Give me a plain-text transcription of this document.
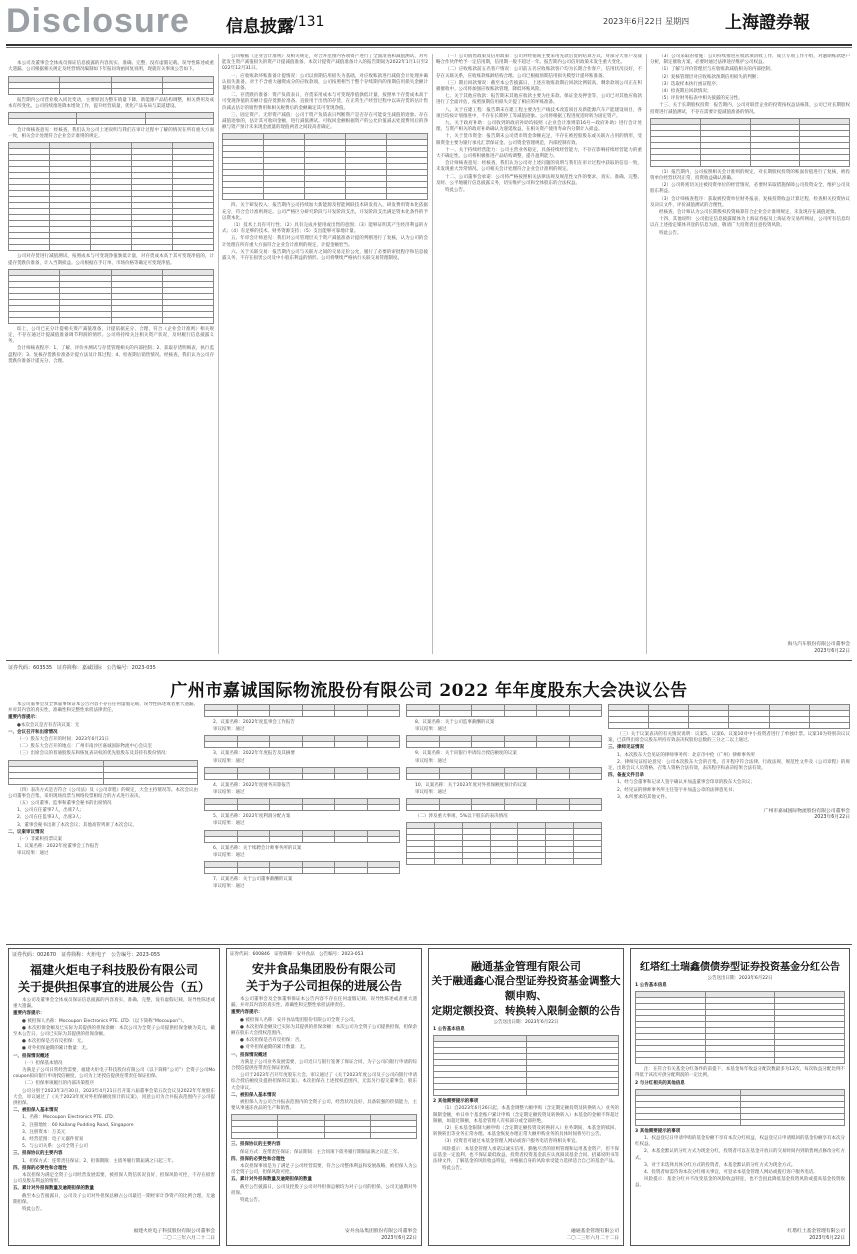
Disclosure 信息披露 /131	2023年6月22日 星期四 上海證券報

本公司及董事会全体成员保证信息披露的内容真实、准确、完整，没有虚假记载、误导性陈述或重大遗漏。公司根据相关规定及经营情况编制如下年报问询函回复说明，现就有关事项公告如下。

报告期内公司营业收入同比变动，主要原因为整车销量下降，新能源产品结构调整，相关费用及成本有所变化。公司持续推进降本增效工作，提升经营质量，优化产品布局与渠道建设。

会计师核查意见：经核查，我们认为公司上述说明与我们在审计过程中了解的情况在所有重大方面一致，相关会计处理符合企业会计准则的规定。

公司对存货进行减值测试，按照成本与可变现净值孰低计量，对存货成本高于其可变现净值的，计提存货跌价准备，计入当期损益。公司根据在手订单、市场价格等确定可变现净值。

综上，公司已充分计提相关资产减值准备，计提依据充分、合理，符合《企业会计准则》相关规定，不存在通过计提减值准备调节利润的情形。公司将持续关注相关资产状况，及时履行信息披露义务。

会计师核查程序：1、了解、评价并测试与存货管理相关的内部控制；2、获取存货明细表，执行监盘程序；3、复核存货跌价准备计提方法及计算过程；4、检查期后销售情况。经核查，我们认为公司存货跌价准备计提充分、合理。

公司根据《企业会计准则》及相关规定，对合并范围内各项资产进行了全面清查和减值测试，对可能发生资产减值损失的资产计提减值准备。本次计提资产减值准备计入的报告期间为2022年1月1日至2022年12月31日。

一、应收账款坏账准备计提情况：公司以预期信用损失为基础，对应收账款进行减值会计处理并确认损失准备。对于不含重大融资成分的应收款项，公司按照相当于整个存续期内的预期信用损失金额计量损失准备。

二、存货跌价准备：资产负债表日，存货采用成本与可变现净值孰低计量，按照单个存货成本高于可变现净值的差额计提存货跌价准备。直接用于出售的存货，在正常生产经营过程中以该存货的估计售价减去估计的销售费用和相关税费后的金额确定其可变现净值。

三、固定资产、无形资产减值：公司于资产负债表日判断资产是否存在可能发生减值的迹象。存在减值迹象的，估计其可收回金额，进行减值测试。可收回金额根据资产的公允价值减去处置费用后的净额与资产预计未来现金流量的现值两者之间较高者确定。

四、关于研发投入：报告期内公司持续加大新能源及智能网联技术研发投入，研发费用资本化依据充分，符合会计准则规定。公司严格区分研究阶段与开发阶段支出，开发阶段支出满足资本化条件的予以资本化。

（1）技术上具有可行性；（2）具有完成并使用或出售的意图；（3）能够证明其产生经济利益的方式；（4）有足够的技术、财务资源支持；（5）支出能够可靠地计量。

五、年审会计师意见：我们对公司管理层关于资产减值准备计提的判断进行了复核，认为公司的会计处理在所有重大方面符合企业会计准则的规定，计提金额恰当。

六、关于关联交易：报告期内公司与关联方之间的交易定价公允，履行了必要的审批程序和信息披露义务，不存在损害公司及中小股东利益的情形。公司将继续严格执行关联交易管理制度。

（一）公司销售政策及信用政策：公司对经销商主要采用先款后货的结算方式，对部分大客户及战略合作伙伴给予一定信用期，信用期一般不超过一年。报告期内公司信用政策未发生重大变化。

（二）应收账款前五名客户情况：公司前五名应收账款客户均为长期合作客户，信用状况良好，不存在关联关系，应收账款账龄结构合理。公司已根据预期信用损失模型计提坏账准备。

（三）期后回款情况：截至本公告披露日，上述应收账款期后回款比例较高，剩余款项公司正在积极催收中。公司将加强应收账款管理，降低坏账风险。

七、关于其他应收款：报告期末其他应收款主要为往来款、保证金及押金等，公司已对其他应收款进行了全面评估，按照预期信用损失计提了相应的坏账准备。

八、关于在建工程：报告期末在建工程主要为生产线技术改造项目及新能源汽车产能建设项目，各项目均按计划推进中，不存在长期停工等减值迹象。公司将根据工程进度适时转为固定资产。

九、关于政府补助：公司收到的政府补助均按照《企业会计准则第16号—政府补助》进行会计处理，与资产相关的政府补助确认为递延收益，在相关资产使用寿命内分期计入损益。

十、关于货币资金：报告期末公司货币资金余额充足，不存在被控股股东或关联方占用的情形，受限资金主要为银行承兑汇票保证金。公司资金管理规范，内部控制有效。

十一、关于持续经营能力：公司主营业务稳定，具备持续经营能力，不存在影响持续经营能力的重大不确定性。公司将积极推进产品结构调整，提升盈利能力。

会计师核查意见：经核查，我们认为公司对上述问题的说明与我们在审计过程中获取的信息一致，未发现重大异常情况。公司相关会计处理符合企业会计准则的规定。

十二、公司董事会承诺：公司将严格按照相关法律法规及规范性文件的要求，真实、准确、完整、及时、公平地履行信息披露义务，切实维护公司和全体股东的合法权益。

特此公告。

（3）公司采取的措施：公司持续推进应收款项清收工作，成立专项工作小组，对逾期账款逐户分析，制定催收方案，必要时通过法律途径维护公司权益。

（1）了解与评价管理层与应收账款减值相关的内部控制；

（2）复核管理层对应收账款预期信用损失的判断；

（3）选取样本执行函证程序；

（4）检查期后回款情况；

（5）评价财务报表中相关披露的充分性。

十三、关于长期股权投资：报告期内，公司对联营企业的投资按权益法核算，公司已对长期股权投资进行减值测试，不存在需要计提减值准备的情况。

（1）报告期内，公司按照相关会计准则的规定，对长期股权投资的账面价值进行了复核，被投资单位经营状况正常，投资收益确认准确。

（2）公司将密切关注被投资单位的经营情况，必要时采取措施保障公司投资安全，维护公司及股东利益。

（3）会计师核查程序：获取被投资单位财务报表，复核投资收益计算过程，检查相关投资协议及决议文件，评价减值测试的合理性。

经核查，会计师认为公司长期股权投资核算符合企业会计准则规定，未发现存在减值迹象。

十四、其他说明：公司指定信息披露媒体为上海证券报及上海证券交易所网站，公司所有信息均以在上述指定媒体刊登的信息为准，敬请广大投资者注意投资风险。

特此公告。

海马汽车股份有限公司董事会
2023年6月22日
证券代码：603535 证券简称：嘉诚国际 公告编号：2023-035
广州市嘉诚国际物流股份有限公司 2022 年年度股东大会决议公告

本公司董事会及全体董事保证本公告内容不存在任何虚假记载、误导性陈述或者重大遗漏，并对其内容的真实性、准确性和完整性承担法律责任。

重要内容提示：

●本次会议是否有否决议案：无

一、会议召开和出席情况

（一）股东大会召开的时间：2023年6月21日

（二）股东大会召开的地点：广州市南沙区嘉诚国际物流中心会议室

（三）出席会议的普通股股东和恢复表决权的优先股股东及其持有股份情况：

（四）表决方式是否符合《公司法》及《公司章程》的规定，大会主持情况等。本次会议由公司董事会召集，采用现场投票与网络投票相结合的方式进行表决。

（五）公司董事、监事和董事会秘书的出席情况

1、公司在任董事7人，出席7人；

2、公司在任监事3人，出席3人；

3、董事会秘书出席了本次会议；其他高管列席了本次会议。

二、议案审议情况

（一）非累积投票议案

1、议案名称：2022年度董事会工作报告

审议结果：通过

2、议案名称：2022年度监事会工作报告

审议结果：通过

3、议案名称：2022年年度报告及其摘要

审议结果：通过

4、议案名称：2022年度财务决算报告

审议结果：通过

5、议案名称：2022年度利润分配方案

审议结果：通过

6、议案名称：关于续聘会计师事务所的议案

审议结果：通过

7、议案名称：关于公司董事薪酬的议案

审议结果：通过

8、议案名称：关于公司监事薪酬的议案

审议结果：通过

9、议案名称：关于向银行申请综合授信额度的议案

审议结果：通过

10、议案名称：关于2023年度对外担保额度预计的议案

审议结果：通过

（二）涉及重大事项，5%以下股东的表决情况

（三）关于议案表决的有关情况说明：议案5、议案6、议案10对中小投资者进行了单独计票。议案10为特别决议议案，已获得出席会议股东所持有效表决权股份总数的三分之二以上通过。

三、律师见证情况

1、本次股东大会见证的律师事务所：北京市中伦（广州）律师事务所

2、律师见证结论意见：公司本次股东大会的召集、召开程序符合法律、行政法规、规范性文件及《公司章程》的规定，出席会议人员资格、召集人资格合法有效，表决程序和表决结果合法有效。

四、备查文件目录

1、经与会董事和记录人签字确认并加盖董事会印章的股东大会决议；

2、经见证的律师事务所主任签字并加盖公章的法律意见书；

3、本所要求的其他文件。

广州市嘉诚国际物流股份有限公司董事会
2023年6月22日
证券代码：002670　证券简称：火炬电子　公告编号：2023-055
福建火炬电子科技股份有限公司
关于提供担保事宜的进展公告（五）

本公司及董事会全体成员保证信息披露的内容真实、准确、完整，没有虚假记载、误导性陈述或重大遗漏。

重要内容提示：

● 被担保人名称：Mocoupon Electronics PTE. LTD.（以下简称“Mocoupon”）。

● 本次担保金额及已实际为其提供的担保余额：本次公司为全资子公司提供担保金额为美元，截至本公告日，公司已实际为其提供的担保余额。

● 本次担保是否有反担保：无。

● 对外担保逾期的累计数量：无。

一、担保情况概述

（一）担保基本情况

为满足子公司日常经营需要，福建火炬电子科技股份有限公司（以下简称“公司”）全资子公司Mocoupon拟向银行申请授信额度，公司为上述授信提供连带责任保证担保。

（二）担保事项履行的内部决策程序

公司分别于2023年3月30日、2023年4月21日召开第六届董事会第五次会议及2022年年度股东大会，审议通过了《关于2023年度对外担保额度预计的议案》，同意公司为合并报表范围内子公司提供担保。

二、被担保人基本情况

1、名称：Mocoupon Electronics PTE. LTD.

2、注册地址：60 Kallang Pudding Road, Singapore

3、注册资本：万美元

4、经营范围：电子元器件贸易

5、与公司关系：公司全资子公司

三、担保协议的主要内容

1、担保方式：连带责任保证；2、担保期限：主债务履行期届满之日起三年。

四、担保的必要性和合理性

本次担保为满足全资子公司经营发展需要，被担保人资信状况良好，担保风险可控，不存在损害公司及股东利益的情形。

五、累计对外担保数量及逾期担保的数量

截至本公告披露日，公司及子公司对外担保总额占公司最近一期经审计净资产的比例合理，无逾期担保。

特此公告。

福建火炬电子科技股份有限公司董事会
二〇二三年六月二十二日
证券代码：600846　证券简称：安井食品　公告编号：2023-053
安井食品集团股份有限公司
关于为子公司担保的进展公告

本公司董事会及全体董事保证本公告内容不存在任何虚假记载、误导性陈述或者重大遗漏，并对其内容的真实性、准确性和完整性承担法律责任。

重要内容提示：

● 被担保人名称：安井食品集团股份有限公司全资子公司。

● 本次担保金额及已实际为其提供的担保余额：本次公司为全资子公司提供担保，担保余额在股东大会授权范围内。

● 本次担保是否有反担保：否。

● 对外担保逾期的累计数量：无。

一、担保情况概述

为满足子公司业务发展需要，公司近日与银行签署了保证合同，为子公司向银行申请的综合授信提供连带责任保证担保。

公司于2023年召开年度股东大会，审议通过了《关于2023年度公司及子公司向银行申请综合授信额度及提供担保的议案》。本次担保在上述授权范围内，无需另行提交董事会、股东大会审议。

二、被担保人基本情况

被担保人为公司合并报表范围内的全资子公司，经营状况良好，具备较强的偿债能力，主要从事速冻食品的生产和销售。

三、担保协议的主要内容

保证方式：连带责任保证；保证期间：主合同项下债务履行期限届满之日起三年。

四、担保的必要性和合理性

本次担保事项是为了满足子公司经营需要，符合公司整体利益和发展战略，被担保人为公司全资子公司，担保风险可控。

五、累计对外担保数量及逾期担保的数量

截至公告披露日，公司及控股子公司对外担保总额均为对子公司的担保，公司无逾期对外担保。

特此公告。

安井食品集团股份有限公司董事会
2023年6月22日
融通基金管理有限公司
关于融通鑫心混合型证券投资基金调整大额申购、
定期定额投资、转换转入限制金额的公告
公告送出日期：2023年6月22日

1 公告基本信息

2 其他需要提示的事项

（1）自2023年6月26日起，本基金调整大额申购（含定期定额投资及转换转入）业务的限制金额，单日单个基金账户累计申购（含定期定额投资及转换转入）本基金的金额不得超过限额，如超过限额，本基金管理人有权部分或全部拒绝。

（2）在本基金限制大额申购（含定期定额投资及转换转入）业务期间，本基金的赎回、转换转出等业务正常办理。本基金恢复办理正常大额申购业务的具体时间将另行公告。

（3）投资者可通过本基金管理人网站或客户服务电话咨询相关事宜。

风险提示：本基金管理人承诺以诚实信用、勤勉尽责的原则管理和运用基金资产，但不保证基金一定盈利，也不保证最低收益。投资者投资基金前应认真阅读基金合同、招募说明书等法律文件，了解基金的风险收益特征，并根据自身的风险承受能力选择适合自己的基金产品。

特此公告。

融通基金管理有限公司
二〇二三年六月二十二日
红塔红土瑞鑫债债券型证券投资基金分红公告
公告送出日期：2023年6月22日

1 公告基本信息

注：在符合有关基金分红条件的前提下，本基金每年收益分配次数最多为12次，每次收益分配比例不得低于该次可供分配利润的一定比例。

2 与分红相关的其他信息

3 其他需要提示的事项

1、权益登记日申请申购的基金份额不享有本次分红权益，权益登记日申请赎回的基金份额享有本次分红权益。

2、本基金默认的分红方式为现金分红，投资者可以在基金开放日的交易时间内到销售网点修改分红方式。

3、对于未选择具体分红方式的投资者，本基金默认的分红方式为现金方式。

4、投资者如需咨询本次分红相关事宜，可登录本基金管理人网站或拨打客户服务电话。

风险提示：基金分红并不改变基金的风险收益特征，也不会因此降低基金投资风险或提高基金投资收益。

红塔红土基金管理有限公司
2023年6月22日
